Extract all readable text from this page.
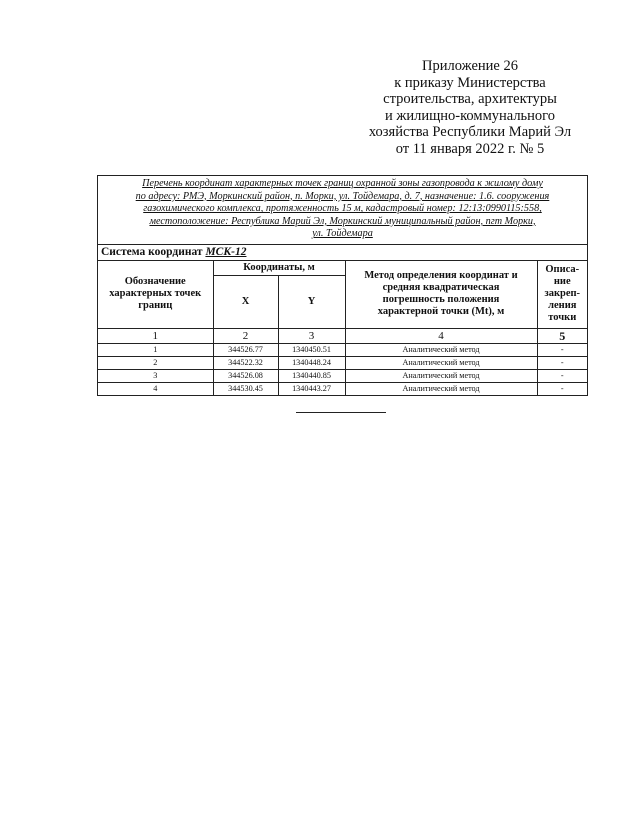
Приложение 26
к приказу Министерства
строительства, архитектуры
и жилищно-коммунального
хозяйства Республики Марий Эл
от 11 января 2022 г. № 5
Перечень координат характерных точек границ охранной зоны газопровода к жилому дому
по адресу: РМЭ, Моркинский район, п. Морки, ул. Тойдемара, д. 7, назначение: 1.6. сооружения
газохимического комплекса, протяженность 15 м, кадастровый номер: 12:13:0990115:558,
местоположение: Республика Марий Эл, Моркинский муниципальный район, пгт Морки,
ул. Тойдемара
Система координат МСК-12
Обозначение характерных точек границ	Координаты, м		Метод определения координат и средняя квадратическая погрешность положения характерной точки (Mt), м	Описа-
ние
закреп-
ления
точки

	X	Y		
1	2	3	4	5
1	344526.77	1340450.51	Аналитический метод	-
2	344522.32	1340448.24	Аналитический метод	-
3	344526.08	1340440.85	Аналитический метод	-
4	344530.45	1340443.27	Аналитический метод	-
